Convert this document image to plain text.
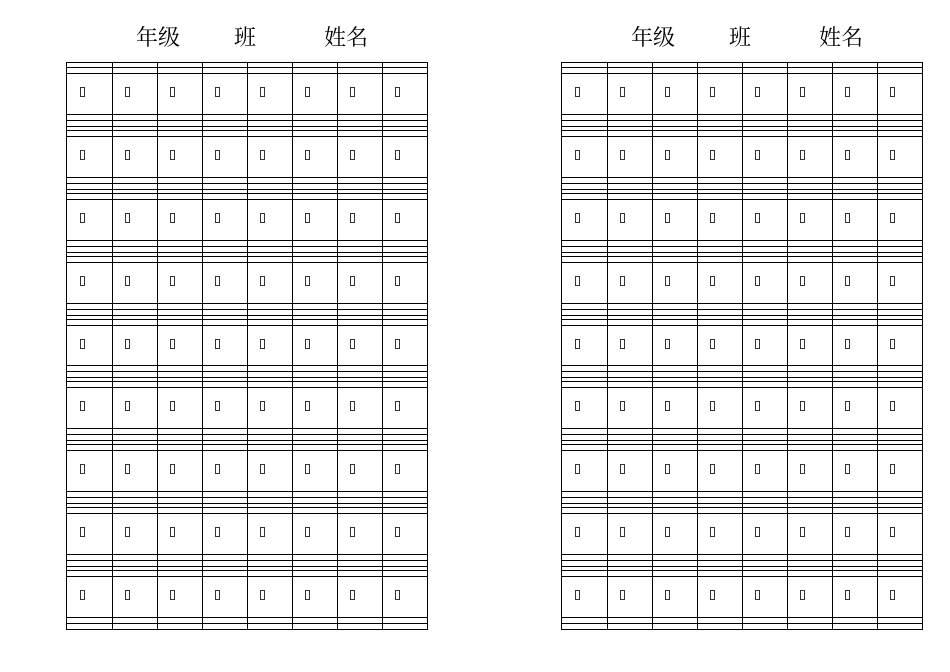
年级 班	姓名	年级 班	姓名
